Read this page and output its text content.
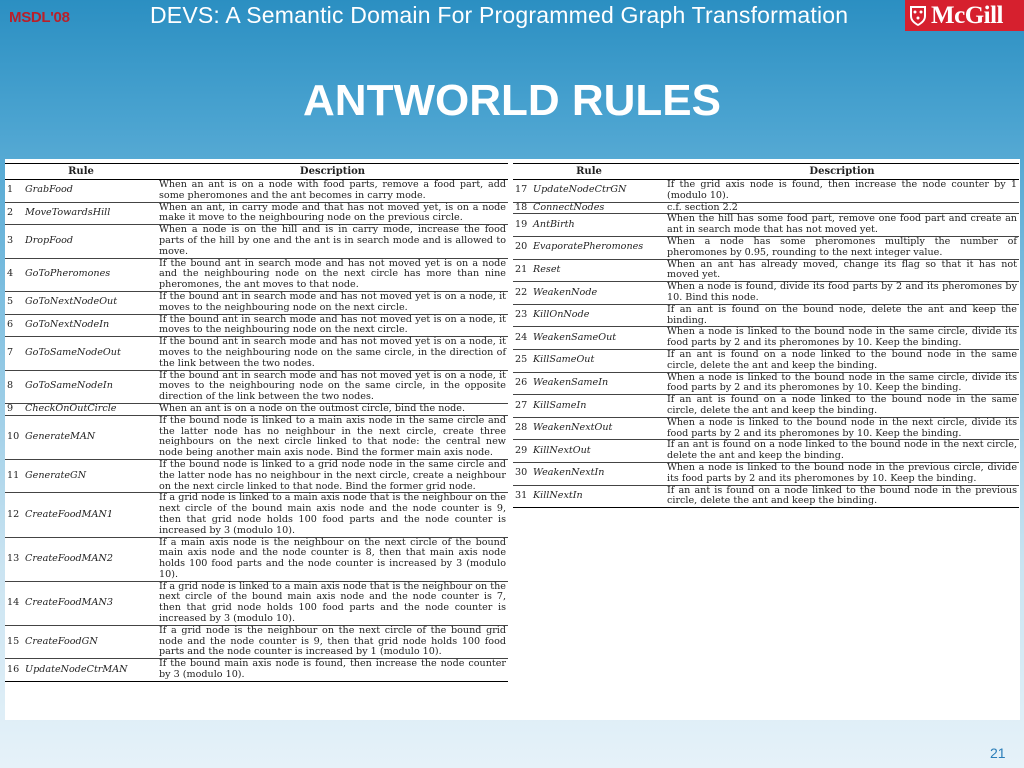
MSDL'08	DEVS: A Semantic Domain For Programmed Graph Transformation	McGill
ANTWORLD RULES
Rule		Description
1	GrabFood	When an ant is on a node with food parts, remove a food part, add some pheromones and the ant becomes in carry mode.
2	MoveTowardsHill	When an ant, in carry mode and that has not moved yet, is on a node make it move to the neighbouring node on the previous circle.
3	DropFood	When a node is on the hill and is in carry mode, increase the food parts of the hill by one and the ant is in search mode and is allowed to move.
4	GoToPheromones	If the bound ant in search mode and has not moved yet is on a node and the neighbouring node on the next circle has more than nine pheromones, the ant moves to that node.
5	GoToNextNodeOut	If the bound ant in search mode and has not moved yet is on a node, it moves to the neighbouring node on the next circle.
6	GoToNextNodeIn	If the bound ant in search mode and has not moved yet is on a node, it moves to the neighbouring node on the next circle.
7	GoToSameNodeOut	If the bound ant in search mode and has not moved yet is on a node, it moves to the neighbouring node on the same circle, in the direction of the link between the two nodes.
8	GoToSameNodeIn	If the bound ant in search mode and has not moved yet is on a node, it moves to the neighbouring node on the same circle, in the opposite direction of the link between the two nodes.
9	CheckOnOutCircle	When an ant is on a node on the outmost circle, bind the node.
10	GenerateMAN	If the bound node is linked to a main axis node in the same circle and the latter node has no neighbour in the next circle, create three neighbours on the next circle linked to that node: the central new node being another main axis node. Bind the former main axis node.
11	GenerateGN	If the bound node is linked to a grid node node in the same circle and the latter node has no neighbour in the next circle, create a neighbour on the next circle linked to that node. Bind the former grid node.
12	CreateFoodMAN1	If a grid node is linked to a main axis node that is the neighbour on the next circle of the bound main axis node and the node counter is 9, then that grid node holds 100 food parts and the node counter is increased by 3 (modulo 10).
13	CreateFoodMAN2	If a main axis node is the neighbour on the next circle of the bound main axis node and the node counter is 8, then that main axis node holds 100 food parts and the node counter is increased by 3 (modulo 10).
14	CreateFoodMAN3	If a grid node is linked to a main axis node that is the neighbour on the next circle of the bound main axis node and the node counter is 7, then that grid node holds 100 food parts and the node counter is increased by 3 (modulo 10).
15	CreateFoodGN	If a grid node is the neighbour on the next circle of the bound grid node and the node counter is 9, then that grid node holds 100 food parts and the node counter is increased by 1 (modulo 10).
16	UpdateNodeCtrMAN	If the bound main axis node is found, then increase the node counter by 3 (modulo 10).
Rule		Description
17	UpdateNodeCtrGN	If the grid axis node is found, then increase the node counter by 1 (modulo 10).
18	ConnectNodes	c.f. section 2.2
19	AntBirth	When the hill has some food part, remove one food part and create an ant in search mode that has not moved yet.
20	EvaporatePheromones	When a node has some pheromones multiply the number of pheromones by 0.95, rounding to the next integer value.
21	Reset	When an ant has already moved, change its flag so that it has not moved yet.
22	WeakenNode	When a node is found, divide its food parts by 2 and its pheromones by 10. Bind this node.
23	KillOnNode	If an ant is found on the bound node, delete the ant and keep the binding.
24	WeakenSameOut	When a node is linked to the bound node in the same circle, divide its food parts by 2 and its pheromones by 10. Keep the binding.
25	KillSameOut	If an ant is found on a node linked to the bound node in the same circle, delete the ant and keep the binding.
26	WeakenSameIn	When a node is linked to the bound node in the same circle, divide its food parts by 2 and its pheromones by 10. Keep the binding.
27	KillSameIn	If an ant is found on a node linked to the bound node in the same circle, delete the ant and keep the binding.
28	WeakenNextOut	When a node is linked to the bound node in the next circle, divide its food parts by 2 and its pheromones by 10. Keep the binding.
29	KillNextOut	If an ant is found on a node linked to the bound node in the next circle, delete the ant and keep the binding.
30	WeakenNextIn	When a node is linked to the bound node in the previous circle, divide its food parts by 2 and its pheromones by 10. Keep the binding.
31	KillNextIn	If an ant is found on a node linked to the bound node in the previous circle, delete the ant and keep the binding.
21
